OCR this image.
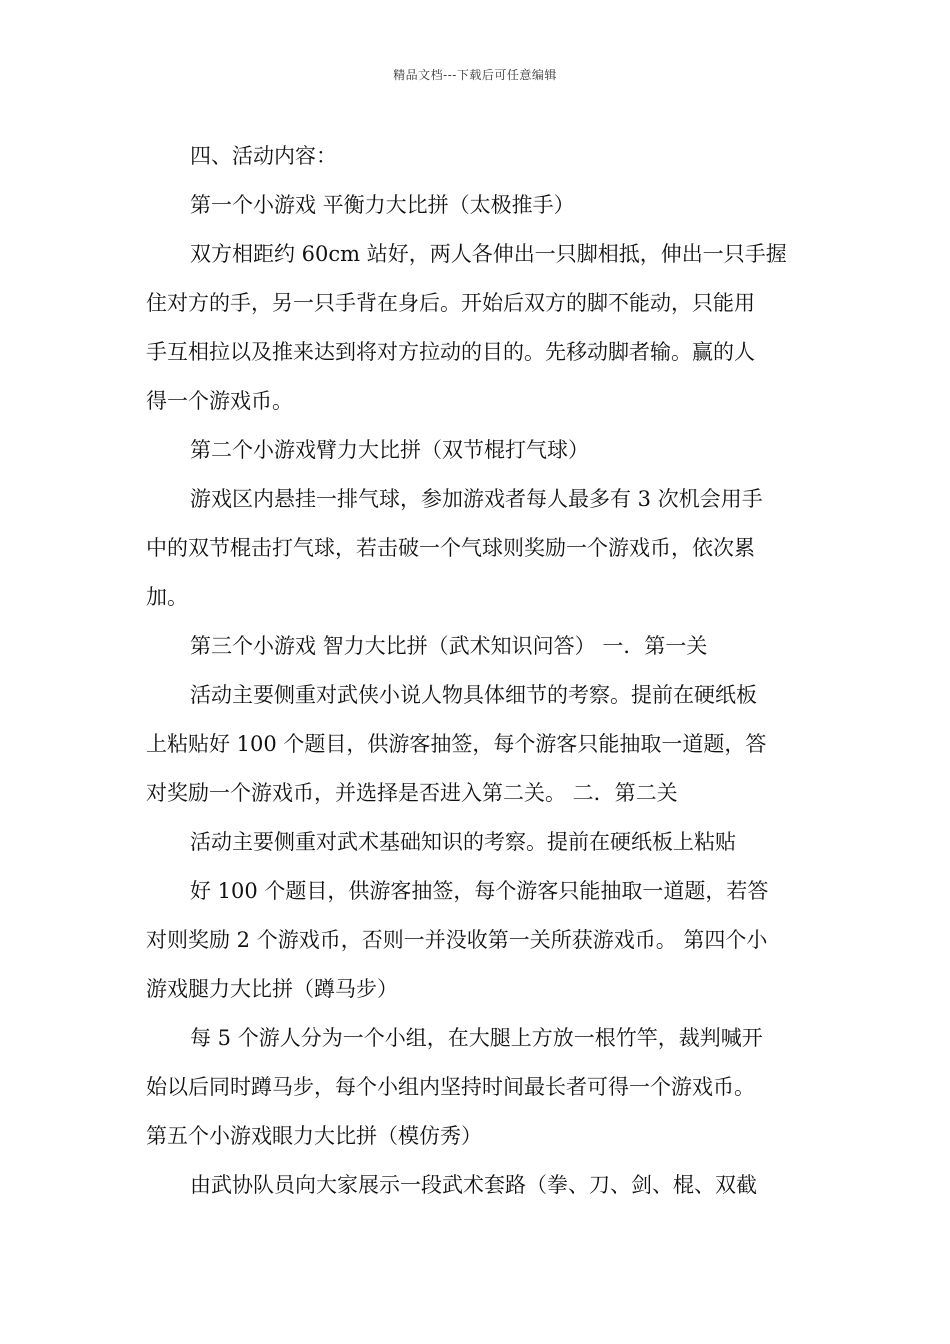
精品文档---下载后可任意编辑
四、活动内容：
第一个小游戏 平衡力大比拼（太极推手）
双方相距约 60cm 站好，两人各伸出一只脚相抵，伸出一只手握
住对方的手，另一只手背在身后。开始后双方的脚不能动，只能用
手互相拉以及推来达到将对方拉动的目的。先移动脚者输。赢的人
得一个游戏币。
第二个小游戏臂力大比拼（双节棍打气球）
游戏区内悬挂一排气球，参加游戏者每人最多有 3 次机会用手
中的双节棍击打气球，若击破一个气球则奖励一个游戏币，依次累
加。
第三个小游戏 智力大比拼（武术知识问答） 一．第一关
活动主要侧重对武侠小说人物具体细节的考察。提前在硬纸板
上粘贴好 100 个题目，供游客抽签，每个游客只能抽取一道题，答
对奖励一个游戏币，并选择是否进入第二关。 二．第二关
活动主要侧重对武术基础知识的考察。提前在硬纸板上粘贴
好 100 个题目，供游客抽签，每个游客只能抽取一道题，若答
对则奖励 2 个游戏币，否则一并没收第一关所获游戏币。 第四个小
游戏腿力大比拼（蹲马步）
每 5 个游人分为一个小组，在大腿上方放一根竹竿，裁判喊开
始以后同时蹲马步，每个小组内坚持时间最长者可得一个游戏币。
第五个小游戏眼力大比拼（模仿秀）
由武协队员向大家展示一段武术套路（拳、刀、剑、棍、双截
